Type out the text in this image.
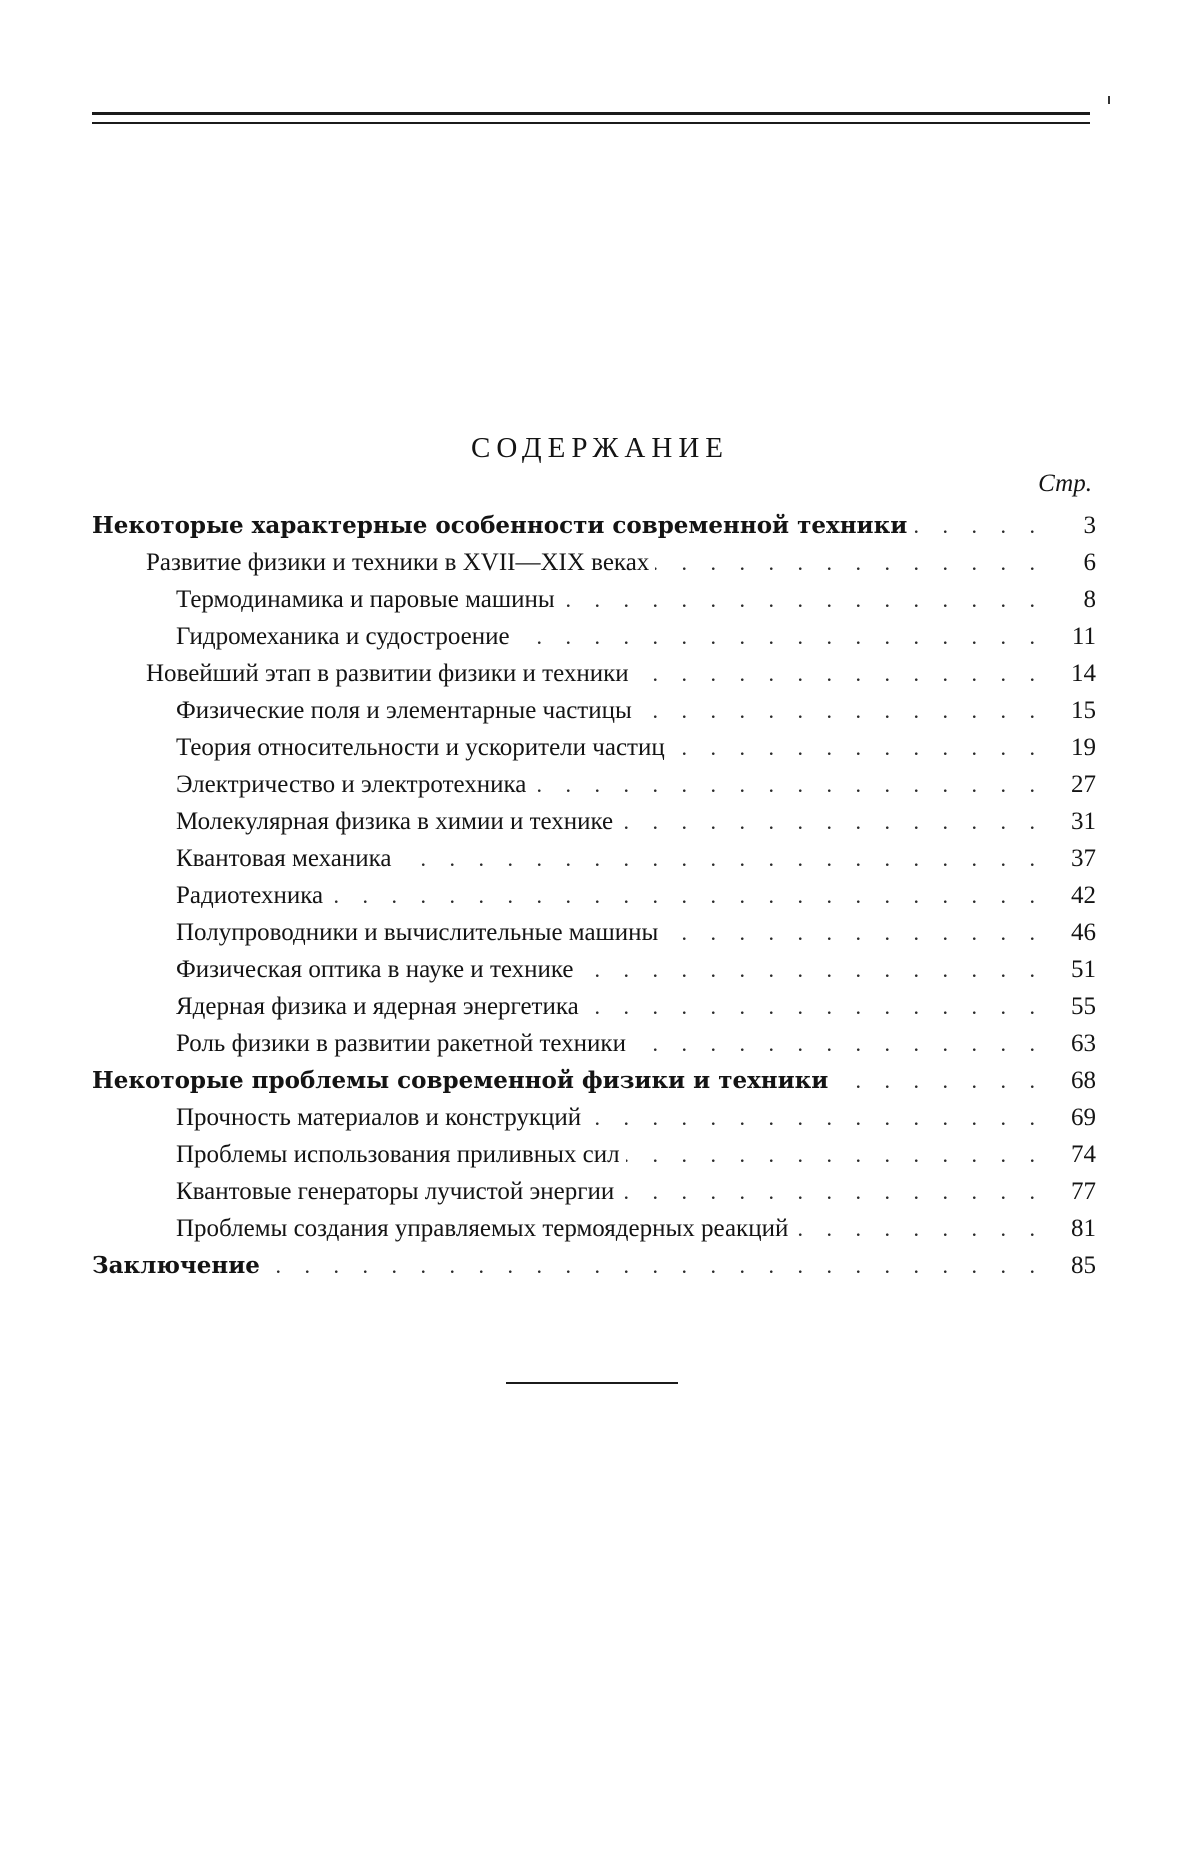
СОДЕРЖАНИЕ
Стр.
Некоторые характерные особенности современной техники . . .	3
Развитие физики и техники в XVII—XIX веках . . .	6
Термодинамика и паровые машины . . .	8
Гидромеханика и судостроение . . .	11
Новейший этап в развитии физики и техники . . .	14
Физические поля и элементарные частицы . . .	15
Теория относительности и ускорители частиц . . .	19
Электричество и электротехника . . .	27
Молекулярная физика в химии и технике . . .	31
Квантовая механика . . .	37
Радиотехника . . .	42
Полупроводники и вычислительные машины . . .	46
Физическая оптика в науке и технике . . .	51
Ядерная физика и ядерная энергетика . . .	55
Роль физики в развитии ракетной техники . . .	63
Некоторые проблемы современной физики и техники . . .	68
Прочность материалов и конструкций . . .	69
Проблемы использования приливных сил . . .	74
Квантовые генераторы лучистой энергии . . .	77
Проблемы создания управляемых термоядерных реакций . . .	81
Заключение . . .	85
